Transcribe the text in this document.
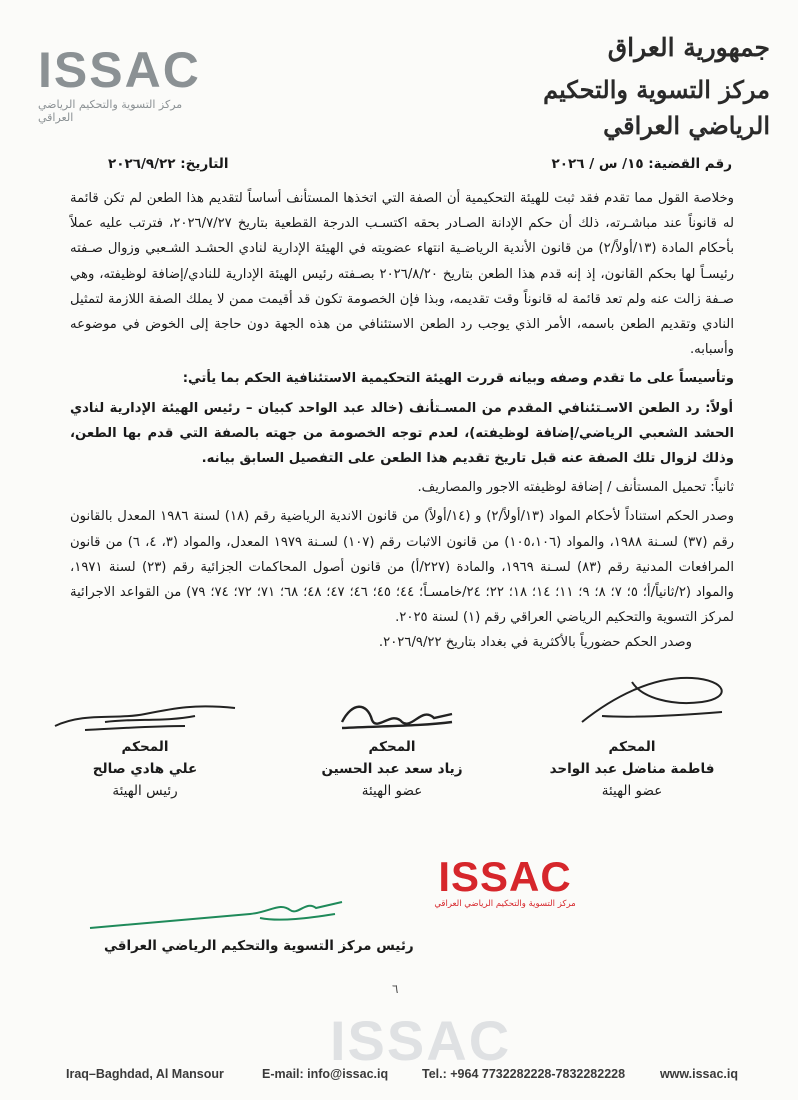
ISSAC
مركز التسوية والتحكيم الرياضي العراقي
جمهورية العراق
مركز التسوية والتحكيم الرياضي العراقي
رقم القضية: ١٥/ س / ٢٠٢٦
التاريخ: ٢٠٢٦/٩/٢٢

وخلاصة القول مما تقدم فقد ثبت للهيئة التحكيمية أن الصفة التي اتخذها المستأنف أساساً لتقديم هذا الطعن لم تكن قائمة له قانوناً عند مباشـرته، ذلك أن حكم الإدانة الصـادر بحقه اكتسـب الدرجة القطعية بتاريخ ٢٠٢٦/٧/٢٧، فترتب عليه عملاً بأحكام المادة (١٣/أولاً/٢) من قانون الأندية الرياضـية انتهاء عضويته في الهيئة الإدارية لنادي الحشـد الشـعبي وزوال صـفته رئيسـاً لها بحكم القانون، إذ إنه قدم هذا الطعن بتاريخ ٢٠٢٦/٨/٢٠ بصـفته رئيس الهيئة الإدارية للنادي/إضافة لوظيفته، وهي صـفة زالت عنه ولم تعد قائمة له قانوناً وقت تقديمه، وبذا فإن الخصومة تكون قد أقيمت ممن لا يملك الصفة اللازمة لتمثيل النادي وتقديم الطعن باسمه، الأمر الذي يوجب رد الطعن الاستئنافي من هذه الجهة دون حاجة إلى الخوض في موضوعه وأسبابه.

وتأسيساً على ما تقدم وصفه وبيانه قررت الهيئة التحكيمية الاستئنافية الحكم بما يأتي:

أولاً: رد الطعن الاسـتئنافي المقدم من المسـتأنف (خالد عبد الواحد كبيان – رئيس الهيئة الإدارية لنادي الحشد الشعبي الرياضي/إضافة لوظيفته)، لعدم توجه الخصومة من جهته بالصفة التي قدم بها الطعن، وذلك لزوال تلك الصفة عنه قبل تاريخ تقديم هذا الطعن على التفصيل السابق بيانه.

ثانياً: تحميل المستأنف / إضافة لوظيفته الاجور والمصاريف.

وصدر الحكم استناداً لأحكام المواد (١٣/أولاً/٢) و (١٤/أولاً) من قانون الاندية الرياضية رقم (١٨) لسنة ١٩٨٦ المعدل بالقانون رقم (٣٧) لسـنة ١٩٨٨، والمواد (١٠٥،١٠٦) من قانون الاثبات رقم (١٠٧) لسـنة ١٩٧٩ المعدل، والمواد (٣، ٤، ٦) من قانون المرافعات المدنية رقم (٨٣) لسـنة ١٩٦٩، والمادة (٢٢٧/أ) من قانون أصول المحاكمات الجزائية رقم (٢٣) لسنة ١٩٧١، والمواد (٢/ثانياً/أ؛ ٥؛ ٧؛ ٨؛ ٩؛ ١١؛ ١٤؛ ١٨؛ ٢٢؛ ٢٤/خامسـاً؛ ٤٤؛ ٤٥؛ ٤٦؛ ٤٧؛ ٤٨؛ ٦٨؛ ٧١؛ ٧٢؛ ٧٤؛ ٧٩) من القواعد الاجرائية لمركز التسوية والتحكيم الرياضي العراقي رقم (١) لسنة ٢٠٢٥.

وصدر الحكم حضورياً بالأكثرية في بغداد بتاريخ ٢٠٢٦/٩/٢٢.

المحكم
علي هادي صالح
رئيس الهيئة
المحكم
زياد سعد عبد الحسين
عضو الهيئة
المحكم
فاطمة مناضل عبد الواحد
عضو الهيئة
ISSAC
مركز التسوية والتحكيم الرياضي العراقي
رئيس مركز التسوية والتحكيم الرياضي العراقي
٦
ISSAC
Iraq–Baghdad, Al Mansour	E-mail: info@issac.iq	Tel.: +964 7732282228-7832282228	www.issac.iq
